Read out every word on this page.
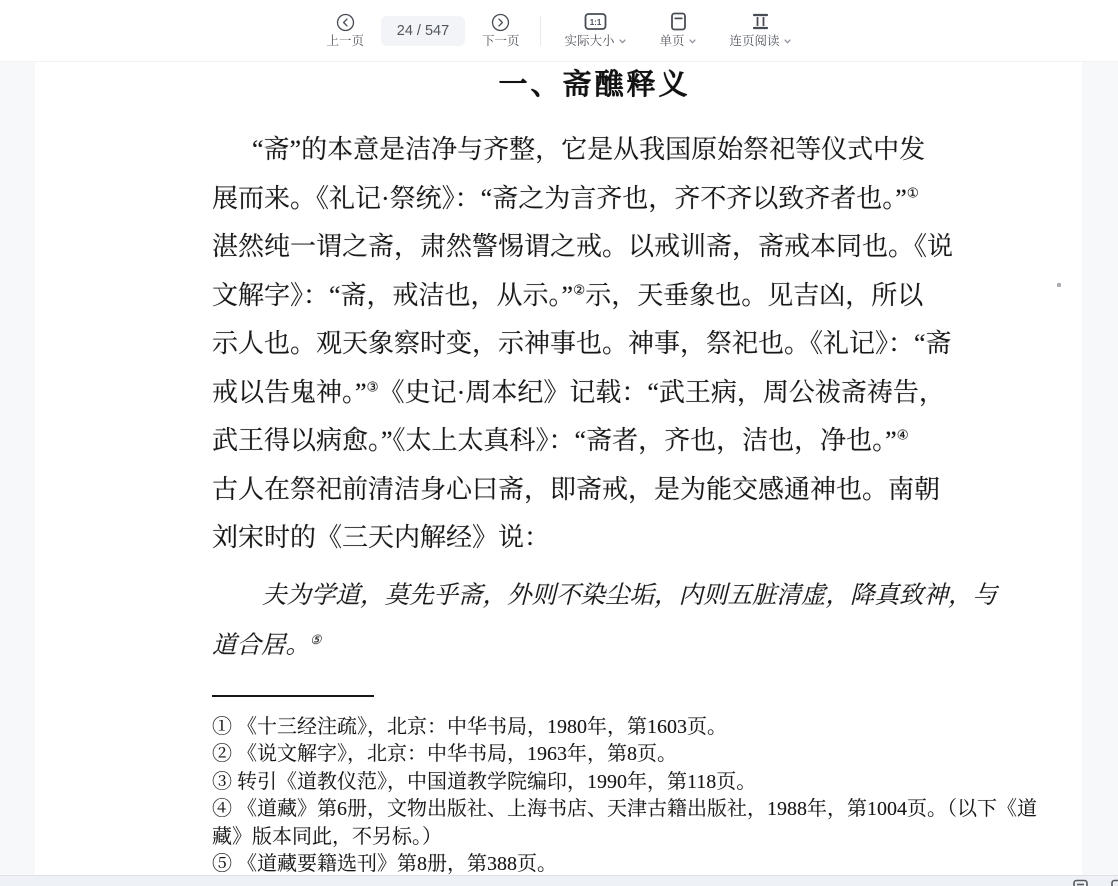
上一页
24 / 547	下一页
1:1
实际大小	单页	连页阅读
一、斋醮释义
“斋”的本意是洁净与齐整，它是从我国原始祭祀等仪式中发
展而来。《礼记·祭统》：“斋之为言齐也，齐不齐以致齐者也。”①
湛然纯一谓之斋，肃然警惕谓之戒。以戒训斋，斋戒本同也。《说
文解字》：“斋，戒洁也，从示。”②示，天垂象也。见吉凶，所以
示人也。观天象察时变，示神事也。神事，祭祀也。《礼记》：“斋
戒以告鬼神。”③《史记·周本纪》记载：“武王病，周公祓斋祷告，
武王得以病愈。”《太上太真科》：“斋者，齐也，洁也，净也。”④
古人在祭祀前清洁身心曰斋，即斋戒，是为能交感通神也。南朝
刘宋时的《三天内解经》说：
夫为学道，莫先乎斋，外则不染尘垢，内则五脏清虚，降真致神，与
道合居。⑤
① 《十三经注疏》，北京：中华书局，1980年，第1603页。
② 《说文解字》，北京：中华书局，1963年，第8页。
③ 转引《道教仪范》，中国道教学院编印，1990年，第118页。
④ 《道藏》第6册，文物出版社、上海书店、天津古籍出版社，1988年，第1004页。（以下《道
藏》版本同此，不另标。）
⑤ 《道藏要籍选刊》第8册，第388页。
